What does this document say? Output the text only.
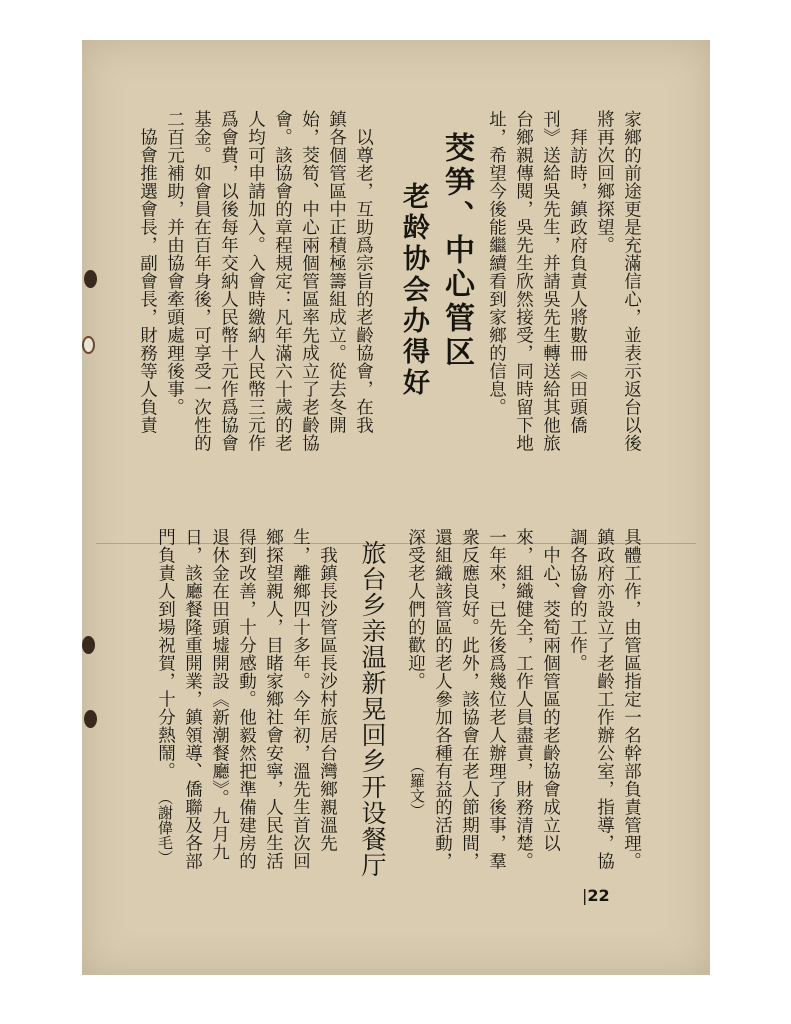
家鄉的前途更是充滿信心，並表示返台以後
將再次回鄉探望。
　拜訪時，鎮政府負責人將數冊《田頭僑
刊》送給吳先生，并請吳先生轉送給其他旅
台鄉親傳閱，吳先生欣然接受，同時留下地
址，希望今後能繼續看到家鄉的信息。
茭笋、中心管区
老龄协会办得好
　以尊老，互助爲宗旨的老齡協會，在我
鎮各個管區中正積極籌組成立。從去冬開
始，茭筍、中心兩個管區率先成立了老齡協
會。該協會的章程規定：凡年滿六十歲的老
人均可申請加入。入會時繳納人民幣三元作
爲會費，以後每年交納人民幣十元作爲協會
基金。如會員在百年身後，可享受一次性的
二百元補助，并由協會牽頭處理後事。
　協會推選會長，副會長，財務等人負責
具體工作，由管區指定一名幹部負責管理。
鎮政府亦設立了老齡工作辦公室，指導，協
調各協會的工作。
　中心、茭筍兩個管區的老齡協會成立以
來，組織健全，工作人員盡責，財務清楚。
一年來，已先後爲幾位老人辦理了後事，羣
衆反應良好。此外，該協會在老人節期間，
還組織該管區的老人參加各種有益的活動，
深受老人們的歡迎。
（羅文）
旅台乡亲温新晃回乡开设餐厅
　我鎮長沙管區長沙村旅居台灣鄉親溫先
生，離鄉四十多年。今年初，溫先生首次回
鄉探望親人，目睹家鄉社會安寧，人民生活
得到改善，十分感動。他毅然把準備建房的
退休金在田頭墟開設《新潮餐廳》。九月九
日，該廳餐隆重開業，鎮領導、僑聯及各部
門負責人到場祝賀，十分熱鬧。
（謝偉毛）
|22
